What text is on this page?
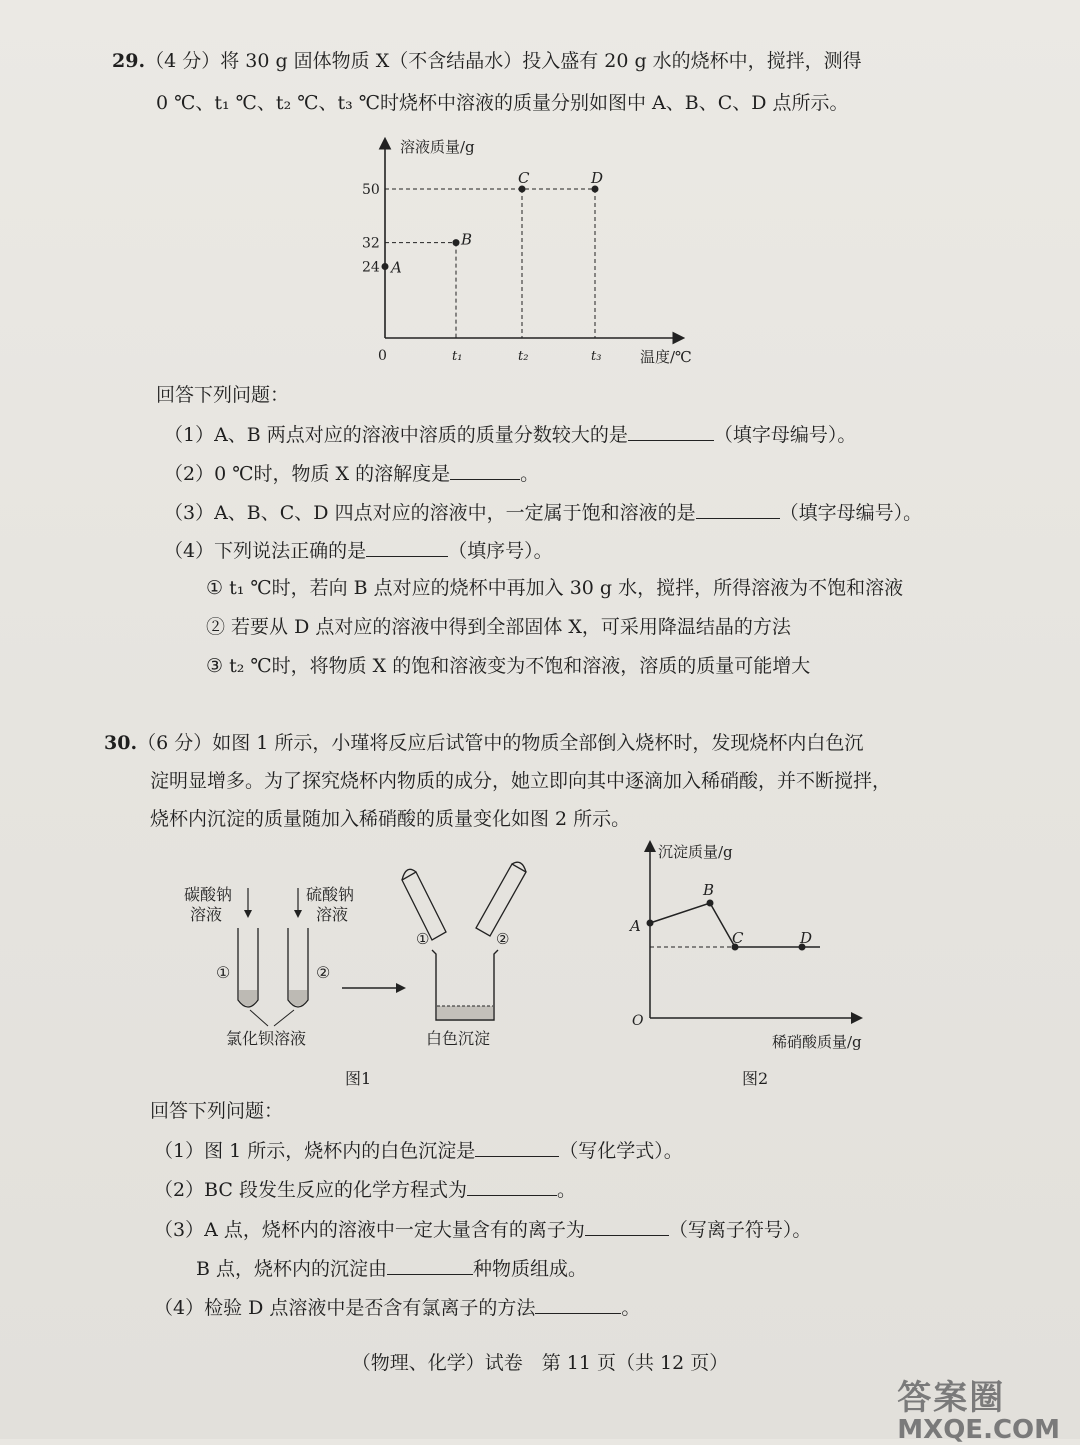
29.（4 分）将 30 g 固体物质 X（不含结晶水）投入盛有 20 g 水的烧杯中，搅拌，测得
0 ℃、t₁ ℃、t₂ ℃、t₃ ℃时烧杯中溶液的质量分别如图中 A、B、C、D 点所示。
溶液质量/g
温度/℃
0	t₁	t₂	t₃
24
32
50
A
B
C	D
回答下列问题：
（1）A、B 两点对应的溶液中溶质的质量分数较大的是	（填字母编号）。
（2）0 ℃时，物质 X 的溶解度是	。
（3）A、B、C、D 四点对应的溶液中，一定属于饱和溶液的是	（填字母编号）。
（4）下列说法正确的是	（填序号）。
① t₁ ℃时，若向 B 点对应的烧杯中再加入 30 g 水，搅拌，所得溶液为不饱和溶液
② 若要从 D 点对应的溶液中得到全部固体 X，可采用降温结晶的方法
③ t₂ ℃时，将物质 X 的饱和溶液变为不饱和溶液，溶质的质量可能增大
30.（6 分）如图 1 所示，小瑾将反应后试管中的物质全部倒入烧杯时，发现烧杯内白色沉
淀明显增多。为了探究烧杯内物质的成分，她立即向其中逐滴加入稀硝酸，并不断搅拌，
烧杯内沉淀的质量随加入稀硝酸的质量变化如图 2 所示。
碳酸钠
溶液
硫酸钠
溶液
①	②
氯化钡溶液
①	②
白色沉淀
图1
沉淀质量/g
稀硝酸质量/g
O
A
B
C	D
图2
回答下列问题：
（1）图 1 所示，烧杯内的白色沉淀是	（写化学式）。
（2）BC 段发生反应的化学方程式为	。
（3）A 点，烧杯内的溶液中一定大量含有的离子为	（写离子符号）。
B 点，烧杯内的沉淀由	种物质组成。
（4）检验 D 点溶液中是否含有氯离子的方法	。
（物理、化学）试卷　第 11 页（共 12 页）
答案圈
MXQE.COM
